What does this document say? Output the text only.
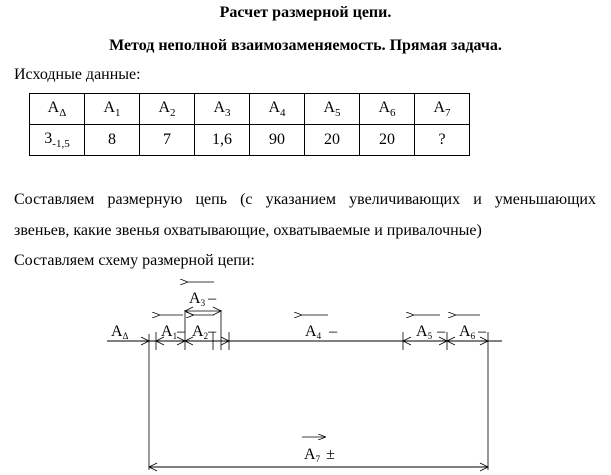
Расчет размерной цепи.
Метод неполной взаимозаменяемость. Прямая задача.
Исходные данные:
$A_\Delta$	$A_1$	$A_2$	$A_3$	$A_4$	$A_5$	$A_6$	$A_7$
$3_{-1,5}$	8	7	1,6	90	20	20	?
Составляем размерную цепь (с указанием увеличивающих и уменьшающих
звеньев, какие звенья охватывающие, охватываемые и привалочные)
Составляем схему размерной цепи:
AΔ A1– A2–
A3 –
A4 –	A5 – A6 –
A7 ±
